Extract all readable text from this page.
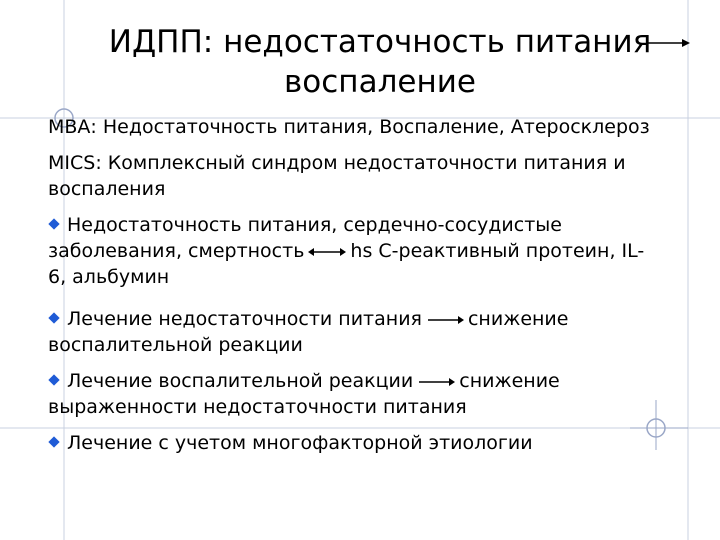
ИДПП: недостаточность питания
воспаление
МВА: Недостаточность питания, Воспаление, Атеросклероз
MICS: Комплексный синдром недостаточности питания и
воспаления
Недостаточность питания, сердечно-сосудистые
заболевания, смертность hs С-реактивный протеин, IL-
6, альбумин
Лечение недостаточности питания снижение
воспалительной реакции
Лечение воспалительной реакции снижение
выраженности недостаточности питания
Лечение с учетом многофакторной этиологии
